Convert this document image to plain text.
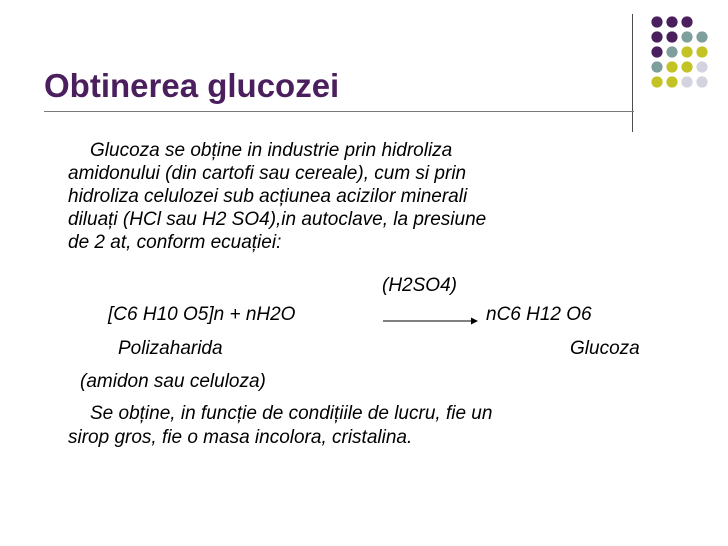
Obtinerea glucozei
Glucoza se obține in industrie prin hidroliza
amidonului (din cartofi sau cereale), cum si prin
hidroliza celulozei sub acțiunea acizilor minerali
diluați (HCl sau H2 SO4),in autoclave, la presiune
de 2 at, conform ecuației:
(H2SO4)
[C6 H10 O5]n + nH2O	nC6 H12 O6
Polizaharida	Glucoza
(amidon sau celuloza)
Se obține, in funcție de condițiile de lucru, fie un
sirop gros, fie o masa incolora, cristalina.
